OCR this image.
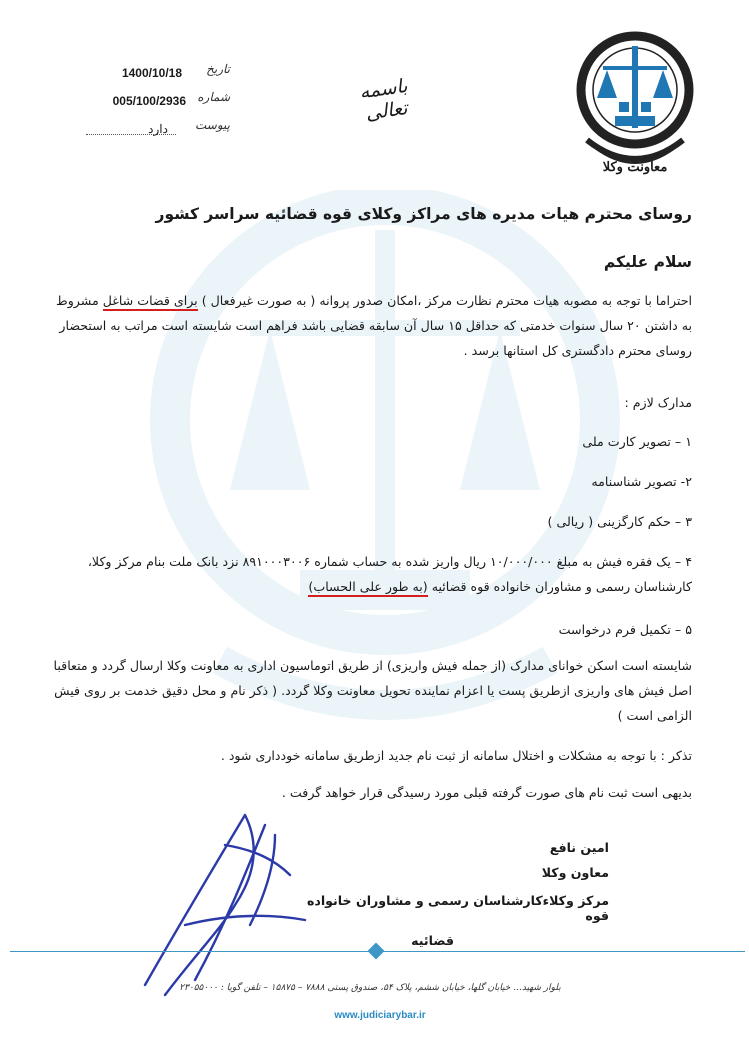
معاونت وکلا
باسمه تعالی
تاریخ
1400/10/18
شماره
005/100/2936
پیوست
دارد
روسای محترم هیات مدیره های مراکز وکلای قوه قضائیه سراسر کشور
سلام علیکم
احتراما با توجه به مصوبه هیات محترم نظارت مرکز ،امکان صدور پروانه ( به صورت غیرفعال ) برای قضات شاغل مشروط به داشتن ۲۰ سال سنوات خدمتی که حداقل ۱۵ سال آن سابقه قضایی باشد فراهم است شایسته است مراتب به استحضار روسای محترم دادگستری کل استانها برسد .
مدارک لازم :
۱ – تصویر کارت ملی
۲- تصویر شناسنامه
۳ – حکم کارگزینی ( ریالی )
۴ – یک فقره فیش به مبلغ ۱۰/۰۰۰/۰۰۰ ریال واریز شده به حساب شماره ۸۹۱۰۰۰۳۰۰۶ نزد بانک ملت بنام مرکز وکلا، کارشناسان رسمی و مشاوران خانواده قوه قضائیه (به طور علی الحساب)
۵ – تکمیل فرم درخواست
شایسته است اسکن خوانای مدارک (از جمله فیش واریزی) از طریق اتوماسیون اداری به معاونت وکلا ارسال گردد و متعاقبا اصل فیش های واریزی ازطریق پست یا اعزام نماینده تحویل معاونت وکلا گردد. ( ذکر نام و محل دقیق خدمت بر روی فیش الزامی است )
تذکر : با توجه به مشکلات و اختلال سامانه از ثبت نام جدید ازطریق سامانه خودداری شود .
بدیهی است ثبت نام های صورت گرفته قبلی مورد رسیدگی قرار خواهد گرفت .
امین نافع
معاون وکلا
مرکز وکلاءکارشناسان رسمی و مشاوران خانواده قوه
قضائیه
بلوار شهید... خیابان گلها، خیابان ششم، پلاک ۵۴، صندوق پستی ۷۸۸۸ – ۱۵۸۷۵ – تلفن گویا : ۲۳۰۵۵۰۰۰
www.judiciarybar.ir
